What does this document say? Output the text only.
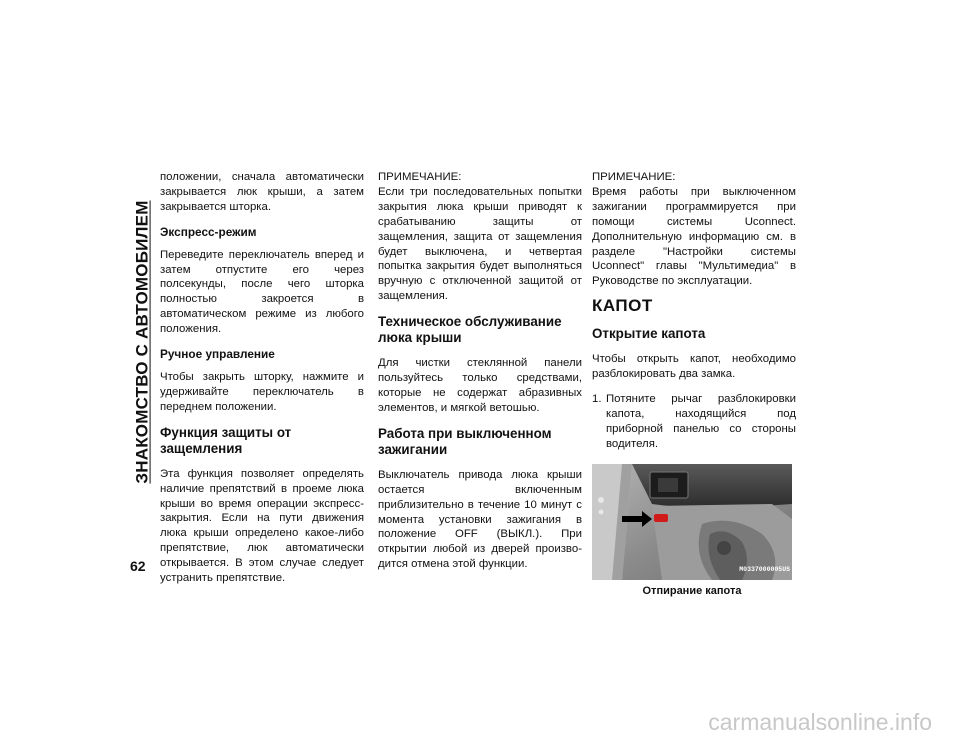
ЗНАКОМСТВО С АВТОМОБИЛЕМ
62

положении, сначала автоматически закрывается люк крыши, а затем закрывается шторка.

Экспресс-режим

Переведите переключатель вперед и затем отпустите его через полсекунды, после чего шторка полностью закроется в автоматическом режиме из любого положения.

Ручное управление

Чтобы закрыть шторку, нажмите и удерживайте переключатель в переднем положении.

Функция защиты от защемления

Эта функция позволяет определять наличие препятствий в проеме люка крыши во время операции экспресс-закрытия. Если на пути движения люка крыши определено какое-либо препятствие, люк автоматически открывается. В этом случае следует устранить препятствие.

ПРИМЕЧАНИЕ:

Если три последовательных попытки закрытия люка крыши приводят к срабатыванию защиты от защемления, защита от защемления будет выключена, и четвертая попытка закрытия будет выполняться вручную с отключенной защитой от защемления.

Техническое обслуживание люка крыши

Для чистки стеклянной панели пользуйтесь только средствами, которые не содержат абразивных элементов, и мягкой ветошью.

Работа при выключенном зажигании

Выключатель привода люка крыши остается включенным приблизительно в течение 10 минут с момента установки зажигания в положение OFF (ВЫКЛ.). При открытии любой из дверей произво-дится отмена этой функции.

ПРИМЕЧАНИЕ:

Время работы при выключенном зажигании программируется при помощи системы Uconnect. Дополнительную информацию см. в разделе "Настройки системы Uconnect" главы "Мультимедиа" в Руководстве по эксплуатации.

КАПОТ
Открытие капота

Чтобы открыть капот, необходимо разблокировать два замка.

1. Потяните рычаг разблокировки капота, находящийся под приборной панелью со стороны водителя.
M0337000005US
Отпирание капота
carmanualsonline.info
